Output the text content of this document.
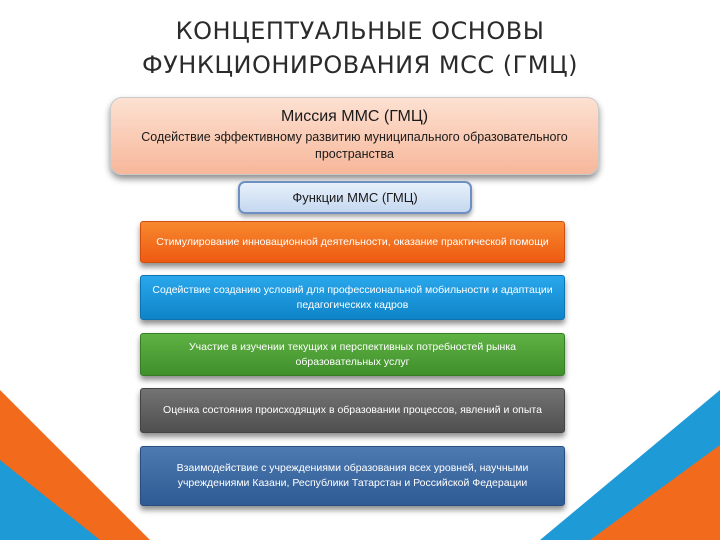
КОНЦЕПТУАЛЬНЫЕ ОСНОВЫ
ФУНКЦИОНИРОВАНИЯ МСС (ГМЦ)
Миссия ММС (ГМЦ)
Содействие эффективному развитию муниципального образовательного пространства
Функции ММС (ГМЦ)
Стимулирование инновационной деятельности, оказание практической помощи
Содействие созданию условий для профессиональной мобильности и адаптации педагогических кадров
Участие в изучении текущих и перспективных потребностей рынка образовательных услуг
Оценка состояния происходящих в образовании процессов, явлений и опыта
Взаимодействие с учреждениями образования всех уровней, научными учреждениями Казани, Республики Татарстан и Российской Федерации
